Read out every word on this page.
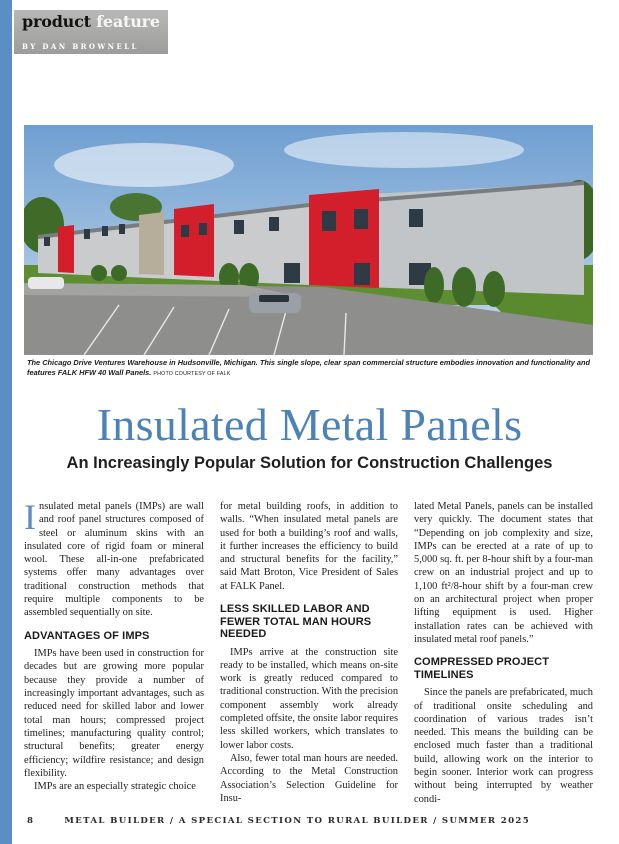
product feature
BY DAN BROWNELL
The Chicago Drive Ventures Warehouse in Hudsonville, Michigan. This single slope, clear span commercial structure embodies innovation and functionality and features FALK HFW 40 Wall Panels. PHOTO COURTESY OF FALK
Insulated Metal Panels
An Increasingly Popular Solution for Construction Challenges

Insulated metal panels (IMPs) are wall and roof panel structures composed of steel or aluminum skins with an insulated core of rigid foam or mineral wool. These all-in-one prefabricated systems offer many advantages over traditional construction methods that require multiple components to be assembled sequentially on site.

ADVANTAGES OF IMPS

IMPs have been used in construction for decades but are growing more popular because they provide a number of increasingly important advantages, such as reduced need for skilled labor and lower total man hours; compressed project timelines; manufacturing quality control; structural benefits; greater energy efficiency; wildfire resistance; and design flexibility.

IMPs are an especially strategic choice

for metal building roofs, in addition to walls. “When insulated metal panels are used for both a building’s roof and walls, it further increases the efficiency to build and structural benefits for the facility,” said Matt Broton, Vice President of Sales at FALK Panel.

LESS SKILLED LABOR AND FEWER TOTAL MAN HOURS NEEDED

IMPs arrive at the construction site ready to be installed, which means on-site work is greatly reduced compared to traditional construction. With the precision component assembly work already completed offsite, the onsite labor requires less skilled workers, which translates to lower labor costs.

Also, fewer total man hours are needed. According to the Metal Construction Association’s Selection Guideline for Insu-

lated Metal Panels, panels can be installed very quickly. The document states that “Depending on job complexity and size, IMPs can be erected at a rate of up to 5,000 sq. ft. per 8-hour shift by a four-man crew on an industrial project and up to 1,100 ft²/8-hour shift by a four-man crew on an architectural project when proper lifting equipment is used. Higher installation rates can be achieved with insulated metal roof panels.”

COMPRESSED PROJECT TIMELINES

Since the panels are prefabricated, much of traditional onsite scheduling and coordination of various trades isn’t needed. This means the building can be enclosed much faster than a traditional build, allowing work on the interior to begin sooner. Interior work can progress without being interrupted by weather condi-

8	METAL BUILDER / A SPECIAL SECTION TO RURAL BUILDER / SUMMER 2025
